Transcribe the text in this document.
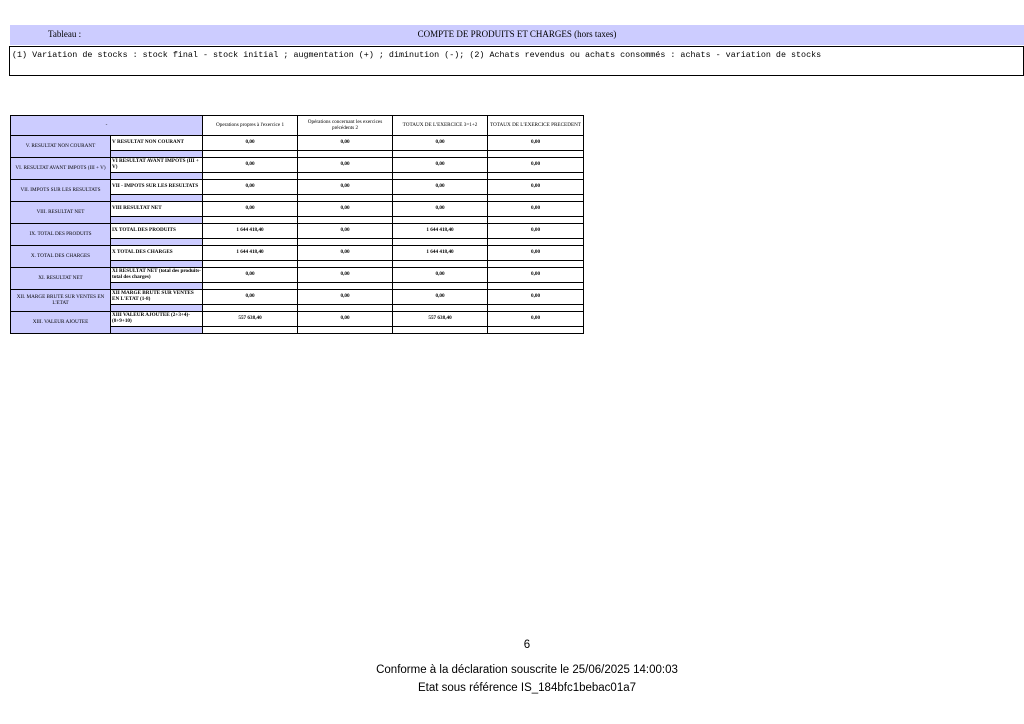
Tableau :	COMPTE DE PRODUITS ET CHARGES (hors taxes)
(1) Variation de stocks : stock final - stock initial ; augmentation (+) ; diminution (-); (2) Achats revendus ou achats consommés : achats - variation de stocks
-		Operations propres à l'exercice 1	Opérations concernant les exercices précédents 2	TOTAUX DE L'EXERCICE 3=1+2	TOTAUX DE L'EXERCICE PRECEDENT
V. RESULTAT NON COURANT	V RESULTAT NON COURANT	0,00	0,00	0,00	0,00

VI. RESULTAT AVANT IMPOTS (III + V)	VI RESULTAT AVANT IMPOTS (III + V)	0,00	0,00	0,00	0,00

VII. IMPOTS SUR LES RESULTATS	VII - IMPOTS SUR LES RESULTATS	0,00	0,00	0,00	0,00

VIII. RESULTAT NET	VIII RESULTAT NET	0,00	0,00	0,00	0,00

IX. TOTAL DES PRODUITS	IX TOTAL DES PRODUITS	1 644 418,40	0,00	1 644 418,40	0,00

X. TOTAL DES CHARGES	X TOTAL DES CHARGES	1 644 418,40	0,00	1 644 418,40	0,00

XI. RESULTAT NET	XI RESULTAT NET (total des produits-total des charges)	0,00	0,00	0,00	0,00

XII. MARGE BRUTE SUR VENTES EN L'ETAT	XII MARGE BRUTE SUR VENTES EN L'ETAT (1-8)	0,00	0,00	0,00	0,00

XIII. VALEUR AJOUTEE	XIII VALEUR AJOUTEE (2+3+4)-(8+9+10)	557 638,40	0,00	557 638,40	0,00

6
Conforme à la déclaration souscrite le 25/06/2025 14:00:03
Etat sous référence IS_184bfc1bebac01a7
